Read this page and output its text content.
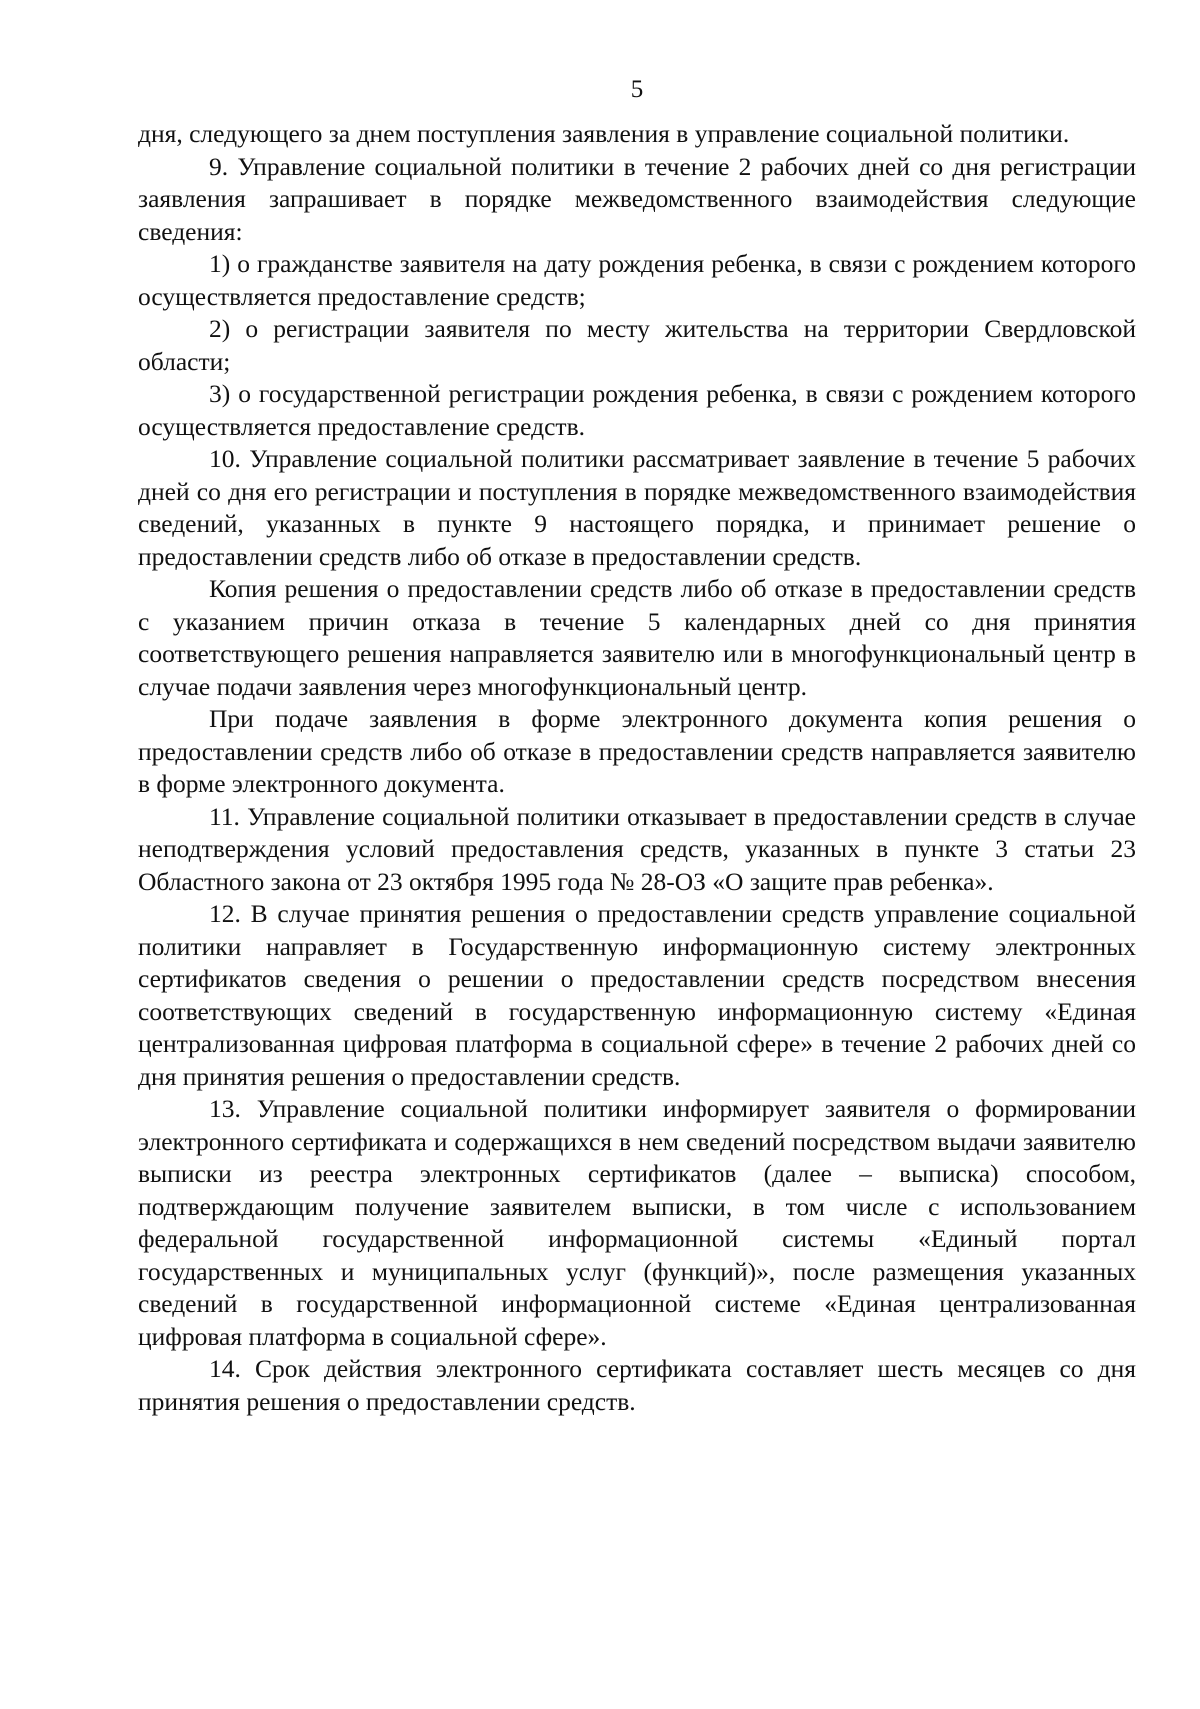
5

дня, следующего за днем поступления заявления в управление социальной политики.

9. Управление социальной политики в течение 2 рабочих дней со дня регистрации заявления запрашивает в порядке межведомственного взаимодействия следующие сведения:

1) о гражданстве заявителя на дату рождения ребенка, в связи с рождением которого осуществляется предоставление средств;

2) о регистрации заявителя по месту жительства на территории Свердловской области;

3) о государственной регистрации рождения ребенка, в связи с рождением которого осуществляется предоставление средств.

10. Управление социальной политики рассматривает заявление в течение 5 рабочих дней со дня его регистрации и поступления в порядке межведомственного взаимодействия сведений, указанных в пункте 9 настоящего порядка, и принимает решение о предоставлении средств либо об отказе в предоставлении средств.

Копия решения о предоставлении средств либо об отказе в предоставлении средств с указанием причин отказа в течение 5 календарных дней со дня принятия соответствующего решения направляется заявителю или в многофункциональный центр в случае подачи заявления через многофункциональный центр.

При подаче заявления в форме электронного документа копия решения о предоставлении средств либо об отказе в предоставлении средств направляется заявителю в форме электронного документа.

11. Управление социальной политики отказывает в предоставлении средств в случае неподтверждения условий предоставления средств, указанных в пункте 3 статьи 23 Областного закона от 23 октября 1995 года № 28-ОЗ «О защите прав ребенка».

12. В случае принятия решения о предоставлении средств управление социальной политики направляет в Государственную информационную систему электронных сертификатов сведения о решении о предоставлении средств посредством внесения соответствующих сведений в государственную информационную систему «Единая централизованная цифровая платформа в социальной сфере» в течение 2 рабочих дней со дня принятия решения о предоставлении средств.

13. Управление социальной политики информирует заявителя о формировании электронного сертификата и содержащихся в нем сведений посредством выдачи заявителю выписки из реестра электронных сертификатов (далее – выписка) способом, подтверждающим получение заявителем выписки, в том числе с использованием федеральной государственной информационной системы «Единый портал государственных и муниципальных услуг (функций)», после размещения указанных сведений в государственной информационной системе «Единая централизованная цифровая платформа в социальной сфере».

14. Срок действия электронного сертификата составляет шесть месяцев со дня принятия решения о предоставлении средств.
